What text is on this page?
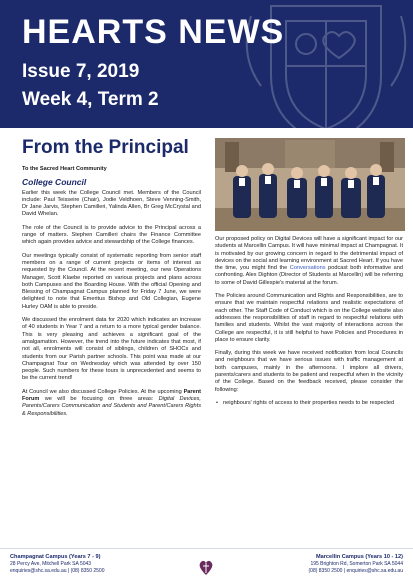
HEARTS NEWS
Issue 7, 2019
Week 4, Term 2
From the Principal
To the Sacred Heart Community
College Council

Earlier this week the College Council met. Members of the Council include: Paul Teisseire (Chair), Jodie Veldhoen, Steve Venning-Smith, Dr Jane Jarvis, Stephen Camilleri, Yalinda Allen, Br Greg McCrystal and David Whelan.

The role of the Council is to provide advice to the Principal across a range of matters. Stephen Camilleri chairs the Finance Committee which again provides advice and stewardship of the College finances.

Our meetings typically consist of systematic reporting from senior staff members on a range of current projects or items of interest as requested by the Council. At the recent meeting, our new Operations Manager, Scott Klaebe reported on various projects and plans across both Campuses and the Boarding House. With the official Opening and Blessing of Champagnat Campus planned for Friday 7 June, we were delighted to note that Emeritus Bishop and Old Collegian, Eugene Hurley OAM is able to preside.

We discussed the enrolment data for 2020 which indicates an increase of 40 students in Year 7 and a return to a more typical gender balance. This is very pleasing and achieves a significant goal of the amalgamation. However, the trend into the future indicates that most, if not all, enrolments will consist of siblings, children of SHOCs and students from our Parish partner schools. This point was made at our Champagnat Tour on Wednesday which was attended by over 150 people. Such numbers for these tours is unprecedented and seems to be the current trend!

At Council we also discussed College Policies. At the upcoming Parent Forum we will be focusing on three areas: Digital Devices, Parents/Carers Communication and Students and Parent/Carers Rights & Responsibilities.

Our proposed policy on Digital Devices will have a significant impact for our students at Marcellin Campus. It will have minimal impact at Champagnat. It is motivated by our growing concern in regard to the detrimental impact of devices on the social and learning environment at Sacred Heart. If you have the time, you might find the Conversations podcast both informative and confronting. Alex Dighton (Director of Students at Marcellin) will be referring to some of David Gillespie's material at the forum.

The Policies around Communication and Rights and Responsibilities, are to ensure that we maintain respectful relations and realistic expectations of each other. The Staff Code of Conduct which is on the College website also addresses the responsibilities of staff in regard to respectful relations with families and students. Whilst the vast majority of interactions across the College are respectful, it is still helpful to have Policies and Procedures in place to ensure clarity.

Finally, during this week we have received notification from local Councils and neighbours that we have serious issues with traffic management at both campuses, mainly in the afternoons. I implore all drivers, parents/carers and students to be patient and respectful when in the vicinity of the College. Based on the feedback received, please consider the following:

• neighbours' rights of access to their properties needs to be respected
Champagnat Campus (Years 7 - 9)
28 Percy Ave, Mitchell Park SA 5043
enquiries@shc.sa.edu.au | (08) 8350 2500
Marcellin Campus (Years 10 - 12)
195 Brighton Rd, Somerton Park SA 5044
(08) 8350 2500 | enquiries@shc.sa.edu.au
